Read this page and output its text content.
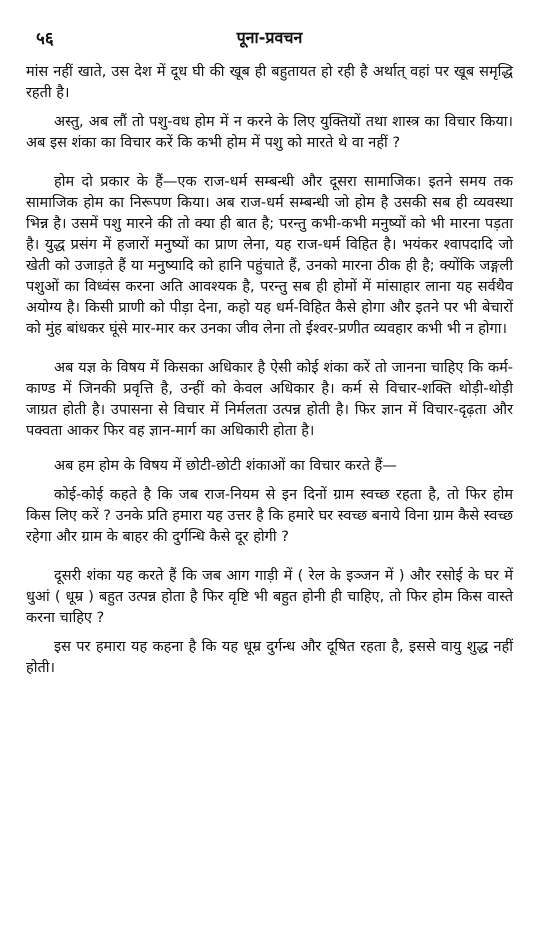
५६	पूना-प्रवचन

मांस नहीं खाते, उस देश में दूध घी की खूब ही बहुतायत हो रही है अर्थात् वहां पर खूब समृद्धि रहती है।

अस्तु, अब लौं तो पशु-वध होम में न करने के लिए युक्तियों तथा शास्त्र का विचार किया। अब इस शंका का विचार करें कि कभी होम में पशु को मारते थे वा नहीं ?

होम दो प्रकार के हैं—एक राज-धर्म सम्बन्धी और दूसरा सामाजिक। इतने समय तक सामाजिक होम का निरूपण किया। अब राज-धर्म सम्बन्धी जो होम है उसकी सब ही व्यवस्था भिन्न है। उसमें पशु मारने की तो क्या ही बात है; परन्तु कभी-कभी मनुष्यों को भी मारना पड़ता है। युद्ध प्रसंग में हजारों मनुष्यों का प्राण लेना, यह राज-धर्म विहित है। भयंकर श्वापदादि जो खेती को उजाड़ते हैं या मनुष्यादि को हानि पहुंचाते हैं, उनको मारना ठीक ही है; क्योंकि जङ्गली पशुओं का विध्वंस करना अति आवश्यक है, परन्तु सब ही होमों में मांसाहार लाना यह सर्वथैव अयोग्य है। किसी प्राणी को पीड़ा देना, कहो यह धर्म-विहित कैसे होगा और इतने पर भी बेचारों को मुंह बांधकर घूंसे मार-मार कर उनका जीव लेना तो ईश्वर-प्रणीत व्यवहार कभी भी न होगा।

अब यज्ञ के विषय में किसका अधिकार है ऐसी कोई शंका करें तो जानना चाहिए कि कर्म-काण्ड में जिनकी प्रवृत्ति है, उन्हीं को केवल अधिकार है। कर्म से विचार-शक्ति थोड़ी-थोड़ी जाग्रत होती है। उपासना से विचार में निर्मलता उत्पन्न होती है। फिर ज्ञान में विचार-दृढ़ता और पक्वता आकर फिर वह ज्ञान-मार्ग का अधिकारी होता है।

अब हम होम के विषय में छोटी-छोटी शंकाओं का विचार करते हैं—

कोई-कोई कहते है कि जब राज-नियम से इन दिनों ग्राम स्वच्छ रहता है, तो फिर होम किस लिए करें ? उनके प्रति हमारा यह उत्तर है कि हमारे घर स्वच्छ बनाये विना ग्राम कैसे स्वच्छ रहेगा और ग्राम के बाहर की दुर्गन्धि कैसे दूर होगी ?

दूसरी शंका यह करते हैं कि जब आग गाड़ी में ( रेल के इञ्जन में ) और रसोई के घर में धुआं ( धूम्र ) बहुत उत्पन्न होता है फिर वृष्टि भी बहुत होनी ही चाहिए, तो फिर होम किस वास्ते करना चाहिए ?

इस पर हमारा यह कहना है कि यह धूम्र दुर्गन्ध और दूषित रहता है, इससे वायु शुद्ध नहीं होती।
